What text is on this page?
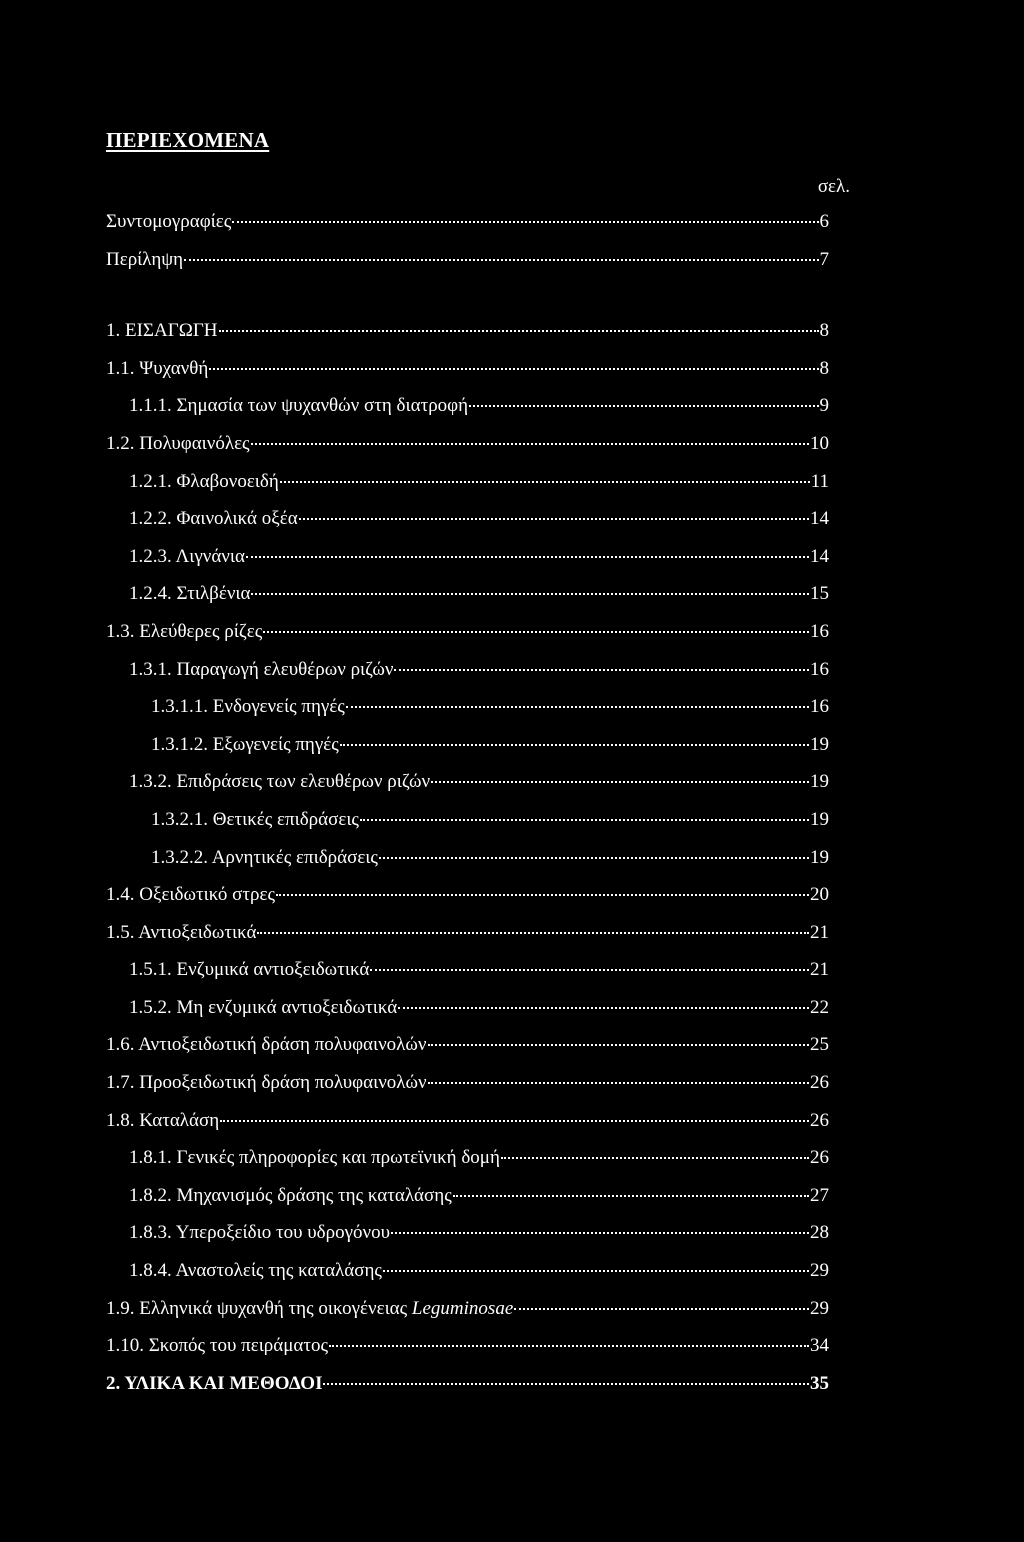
ΠΕΡΙΕΧΟΜΕΝΑ
σελ.
Συντομογραφίες	6
Περίληψη	7
1. ΕΙΣΑΓΩΓΗ	8
1.1. Ψυχανθή	8
1.1.1. Σημασία των ψυχανθών στη διατροφή	9
1.2. Πολυφαινόλες	10
1.2.1. Φλαβονοειδή	11
1.2.2. Φαινολικά οξέα	14
1.2.3. Λιγνάνια	14
1.2.4. Στιλβένια	15
1.3. Ελεύθερες ρίζες	16
1.3.1. Παραγωγή ελευθέρων ριζών	16
1.3.1.1. Ενδογενείς πηγές	16
1.3.1.2. Εξωγενείς πηγές	19
1.3.2. Επιδράσεις των ελευθέρων ριζών	19
1.3.2.1. Θετικές επιδράσεις	19
1.3.2.2. Αρνητικές επιδράσεις	19
1.4. Οξειδωτικό στρες	20
1.5. Αντιοξειδωτικά	21
1.5.1. Ενζυμικά αντιοξειδωτικά	21
1.5.2. Μη ενζυμικά αντιοξειδωτικά	22
1.6. Αντιοξειδωτική δράση πολυφαινολών	25
1.7. Προοξειδωτική δράση πολυφαινολών	26
1.8. Καταλάση	26
1.8.1. Γενικές πληροφορίες και πρωτεϊνική δομή	26
1.8.2. Μηχανισμός δράσης της καταλάσης	27
1.8.3. Υπεροξείδιο του υδρογόνου	28
1.8.4. Αναστολείς της καταλάσης	29
1.9. Ελληνικά ψυχανθή της οικογένειας Leguminosae	29
1.10. Σκοπός του πειράματος	34
2. ΥΛΙΚΑ ΚΑΙ ΜΕΘΟΔΟΙ	35
